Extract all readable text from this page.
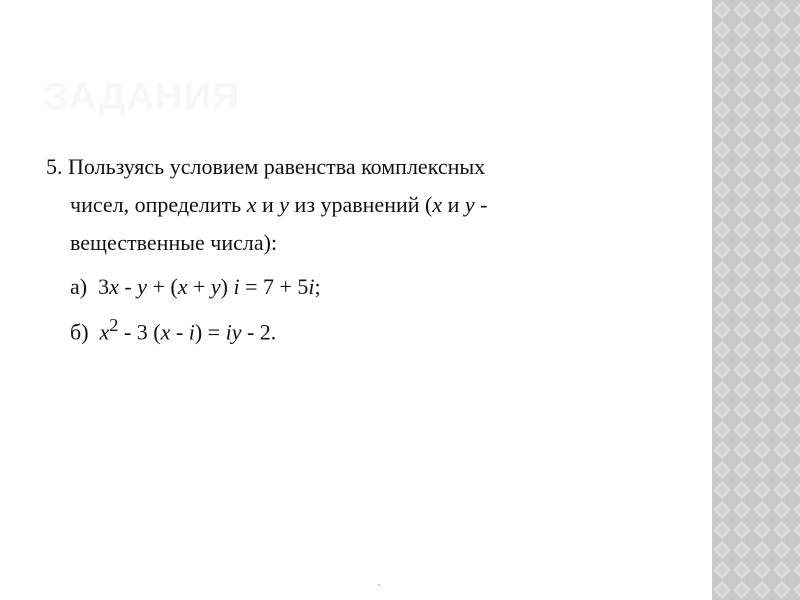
ЗАДАНИЯ
5. Пользуясь условием равенства комплексных
чисел, определить x и y из уравнений (x и y -
вещественные числа):
а)  3x - y + (x + y) i = 7 + 5i;
б)  $x^2 - 3$ (x - i) = iy - 2.
.
